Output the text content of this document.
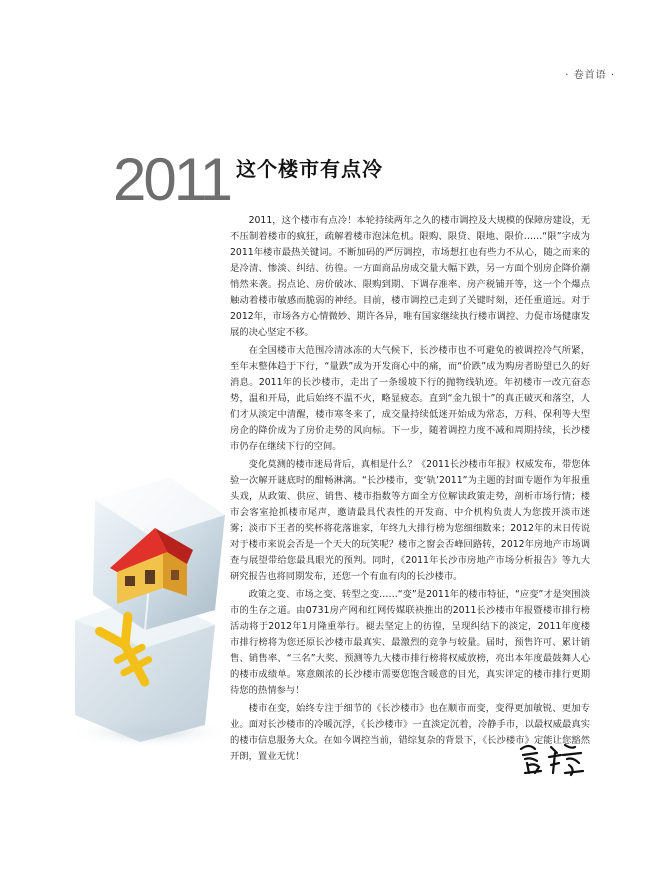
· 卷首语 ·
2011 这个楼市有点冷

2011，这个楼市有点冷！本轮持续两年之久的楼市调控及大规模的保障房建设，无不压制着楼市的疯狂，疏解着楼市泡沫危机。限购、限贷、限地、限价……“限”字成为2011年楼市最热关键词。不断加码的严厉调控，市场想扛也有些力不从心，随之而来的是冷清、惨淡、纠结、彷徨。一方面商品房成交量大幅下跌，另一方面个别房企降价潮悄然来袭。拐点论、房价破冰、限购到期、下调存准率、房产税铺开等，这一个个爆点触动着楼市敏感而脆弱的神经。目前，楼市调控已走到了关键时刻，还任重道远。对于2012年，市场各方心情微妙、期许各异，唯有国家继续执行楼市调控、力促市场健康发展的决心坚定不移。

在全国楼市大范围冷清冰冻的大气候下，长沙楼市也不可避免的被调控冷气所紧，至年末整体趋于下行，“量跌”成为开发商心中的痛，而“价跌”成为购房者盼望已久的好消息。2011年的长沙楼市，走出了一条缓坡下行的抛物线轨迹。年初楼市一改亢奋态势，温和开局，此后始终不温不火，略显疲态。直到“金九银十”的真正破灭和落空，人们才从淡定中清醒，楼市寒冬来了，成交量持续低迷开始成为常态，万科、保利等大型房企的降价成为了房价走势的风向标。下一步，随着调控力度不减和周期持续，长沙楼市仍存在继续下行的空间。

变化莫测的楼市迷局背后，真相是什么？《2011长沙楼市年报》权威发布，带您体验一次解开谜底时的酣畅淋漓。“长沙楼市，变‘轨’2011”为主题的封面专题作为年报重头戏，从政策、供应、销售、楼市指数等方面全方位解读政策走势，剖析市场行情；楼市会客室抢抓楼市尾声，邀请最具代表性的开发商、中介机构负责人为您拨开淡市迷雾；淡市下王者的奖杯将花落谁家，年终九大排行榜为您细细数来；2012年的末日传说对于楼市来说会否是一个天大的玩笑呢？楼市之窗会否峰回路转，2012年房地产市场调查与展望带给您最具眼光的预判。同时，《2011年长沙市房地产市场分析报告》等九大研究报告也将同期发布，还您一个有血有肉的长沙楼市。

政策之变、市场之变、转型之变……“变”是2011年的楼市特征，“应变”才是突围淡市的生存之道。由0731房产网和红网传媒联袂推出的2011长沙楼市年报暨楼市排行榜活动将于2012年1月隆重举行。褪去坚定上的彷徨，呈现纠结下的淡定，2011年度楼市排行榜将为您还原长沙楼市最真实、最激烈的竞争与较量。届时，预售许可、累计销售、销售率、“三名”大奖、预测等九大楼市排行榜将权威放榜，亮出本年度最鼓舞人心的楼市成绩单。寒意颇浓的长沙楼市需要您饱含暖意的目光，真实评定的楼市排行更期待您的热情参与！

楼市在变，始终专注于细节的《长沙楼市》也在顺市而变，变得更加敏锐、更加专业。面对长沙楼市的冷暖沉浮，《长沙楼市》一直淡定沉着，冷静手市，以最权威最真实的楼市信息服务大众。在如今调控当前，错综复杂的背景下，《长沙楼市》定能让您豁然开朗，置业无忧！
